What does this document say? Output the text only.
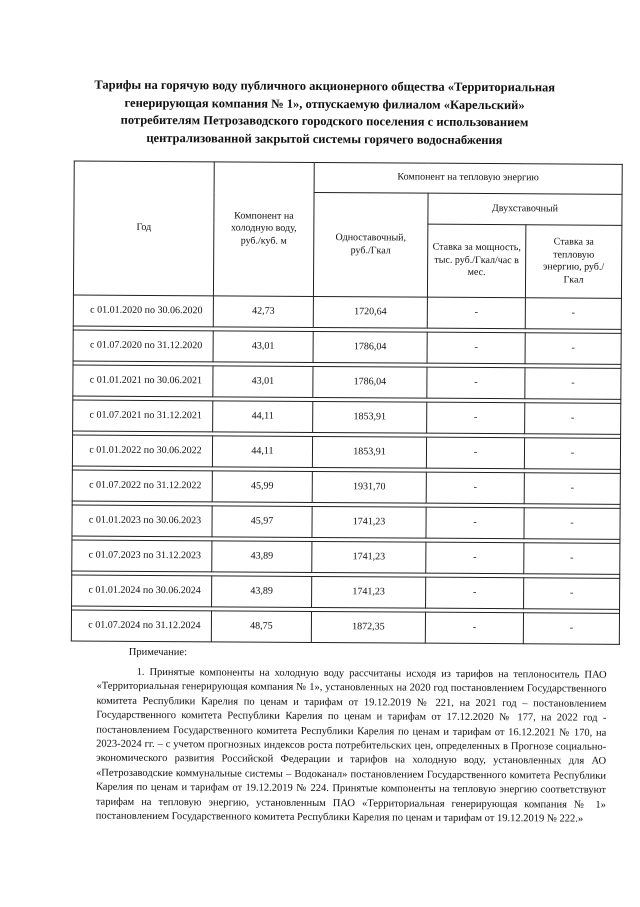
Тарифы на горячую воду публичного акционерного общества «Территориальная генерирующая компания № 1», отпускаемую филиалом «Карельский» потребителям Петрозаводского городского поселения с использованием централизованной закрытой системы горячего водоснабжения
Год	Компонент на холодную воду, руб./куб. м	Компонент на тепловую энергию		
		Одноставочный, руб./Гкал	Двухставочный	
			Ставка за мощность, тыс. руб./Гкал/час в мес.	Ставка за тепловую энергию, руб./Гкал
с 01.01.2020 по 30.06.2020	42,73	1720,64	-	-

с 01.07.2020 по 31.12.2020	43,01	1786,04	-	-

с 01.01.2021 по 30.06.2021	43,01	1786,04	-	-

с 01.07.2021 по 31.12.2021	44,11	1853,91	-	-

с 01.01.2022 по 30.06.2022	44,11	1853,91	-	-

с 01.07.2022 по 31.12.2022	45,99	1931,70	-	-

с 01.01.2023 по 30.06.2023	45,97	1741,23	-	-

с 01.07.2023 по 31.12.2023	43,89	1741,23	-	-

с 01.01.2024 по 30.06.2024	43,89	1741,23	-	-

с 01.07.2024 по 31.12.2024	48,75	1872,35	-	-
Примечание:
1. Принятые компоненты на холодную воду рассчитаны исходя из тарифов на теплоноситель ПАО «Территориальная генерирующая компания № 1», установленных на 2020 год постановлением Государственного комитета Республики Карелия по ценам и тарифам от 19.12.2019 № 221, на 2021 год – постановлением Государственного комитета Республики Карелия по ценам и тарифам от 17.12.2020 № 177, на 2022 год - постановлением Государственного комитета Республики Карелия по ценам и тарифам от 16.12.2021 № 170, на 2023-2024 гг. – с учетом прогнозных индексов роста потребительских цен, определенных в Прогнозе социально-экономического развития Российской Федерации и тарифов на холодную воду, установленных для АО «Петрозаводские коммунальные системы – Водоканал» постановлением Государственного комитета Республики Карелия по ценам и тарифам от 19.12.2019 № 224. Принятые компоненты на тепловую энергию соответствуют тарифам на тепловую энергию, установленным ПАО «Территориальная генерирующая компания № 1» постановлением Государственного комитета Республики Карелия по ценам и тарифам от 19.12.2019 № 222.»
